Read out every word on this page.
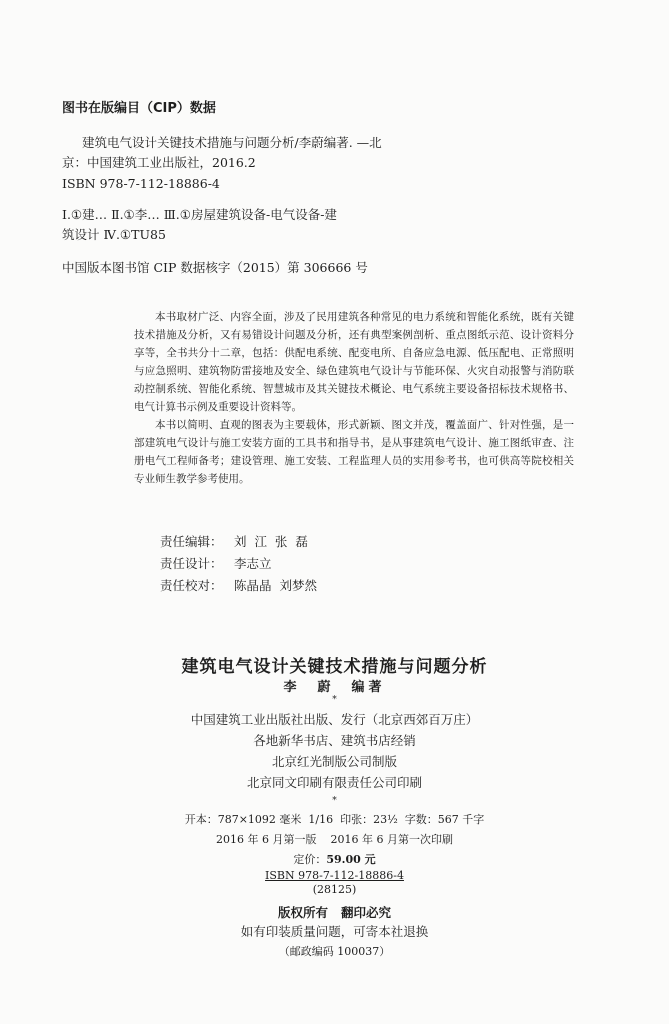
图书在版编目（CIP）数据
建筑电气设计关键技术措施与问题分析/李蔚编著. —北
京：中国建筑工业出版社，2016.2
ISBN 978-7-112-18886-4
Ⅰ.①建… Ⅱ.①李… Ⅲ.①房屋建筑设备-电气设备-建
筑设计 Ⅳ.①TU85
中国版本图书馆 CIP 数据核字（2015）第 306666 号

本书取材广泛、内容全面，涉及了民用建筑各种常见的电力系统和智能化系统，既有关键技术措施及分析，又有易错设计问题及分析，还有典型案例剖析、重点图纸示范、设计资料分享等，全书共分十二章，包括：供配电系统、配变电所、自备应急电源、低压配电、正常照明与应急照明、建筑物防雷接地及安全、绿色建筑电气设计与节能环保、火灾自动报警与消防联动控制系统、智能化系统、智慧城市及其关键技术概论、电气系统主要设备招标技术规格书、电气计算书示例及重要设计资料等。

本书以简明、直观的图表为主要载体，形式新颖、图文并茂，覆盖面广、针对性强，是一部建筑电气设计与施工安装方面的工具书和指导书，是从事建筑电气设计、施工图纸审查、注册电气工程师备考；建设管理、施工安装、工程监理人员的实用参考书，也可供高等院校相关专业师生教学参考使用。

责任编辑： 刘  江  张  磊
责任设计： 李志立
责任校对： 陈晶晶  刘梦然
建筑电气设计关键技术措施与问题分析
李  蔚  编著
*
中国建筑工业出版社出版、发行（北京西郊百万庄）
各地新华书店、建筑书店经销
北京红光制版公司制版
北京同文印刷有限责任公司印刷
*
开本：787×1092 毫米  1/16  印张：23½  字数：567 千字
2016 年 6 月第一版    2016 年 6 月第一次印刷
定价：59.00 元
ISBN 978-7-112-18886-4
(28125)
版权所有   翻印必究
如有印装质量问题，可寄本社退换
（邮政编码 100037）
